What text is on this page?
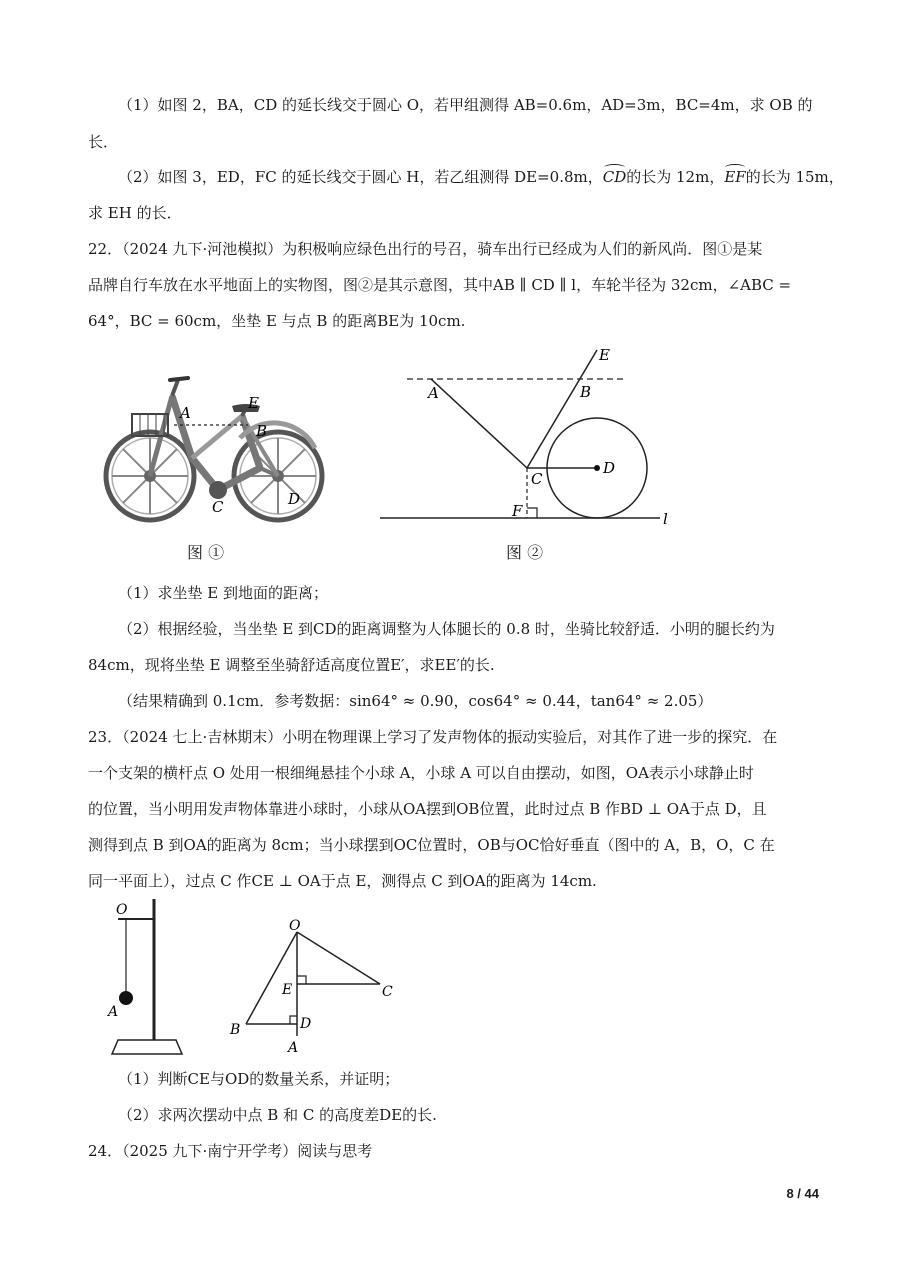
（1）如图 2，BA，CD 的延长线交于圆心 O，若甲组测得 AB=0.6m，AD=3m，BC=4m，求 OB 的
长．
（2）如图 3，ED，FC 的延长线交于圆心 H，若乙组测得 DE=0.8m，CD的长为 12m，EF的长为 15m，
求 EH 的长．
22．（2024 九下·河池模拟）为积极响应绿色出行的号召，骑车出行已经成为人们的新风尚．图①是某
品牌自行车放在水平地面上的实物图，图②是其示意图，其中AB ∥ CD ∥ l，车轮半径为 32cm，∠ABC =
64°，BC = 60cm，坐垫 E 与点 B 的距离BE为 10cm.
A
E
B
C	D
图 ①
E
A	B
C
D
F	l
图 ②
（1）求坐垫 E 到地面的距离；
（2）根据经验，当坐垫 E 到CD的距离调整为人体腿长的 0.8 时，坐骑比较舒适．小明的腿长约为
84cm，现将坐垫 E 调整至坐骑舒适高度位置E′，求EE′的长.
（结果精确到 0.1cm．参考数据：sin64° ≈ 0.90，cos64° ≈ 0.44，tan64° ≈ 2.05）
23．（2024 七上·吉林期末）小明在物理课上学习了发声物体的振动实验后，对其作了进一步的探究．在
一个支架的横杆点 O 处用一根细绳悬挂个小球 A，小球 A 可以自由摆动，如图，OA表示小球静止时
的位置，当小明用发声物体靠进小球时，小球从OA摆到OB位置，此时过点 B 作BD ⊥ OA于点 D，且
测得到点 B 到OA的距离为 8cm；当小球摆到OC位置时，OB与OC恰好垂直（图中的 A，B，O，C 在
同一平面上），过点 C 作CE ⊥ OA于点 E，测得点 C 到OA的距离为 14cm.
O
A
O
E	C
B	D
A
（1）判断CE与OD的数量关系，并证明；
（2）求两次摆动中点 B 和 C 的高度差DE的长.
24．（2025 九下·南宁开学考）阅读与思考
8 / 44
